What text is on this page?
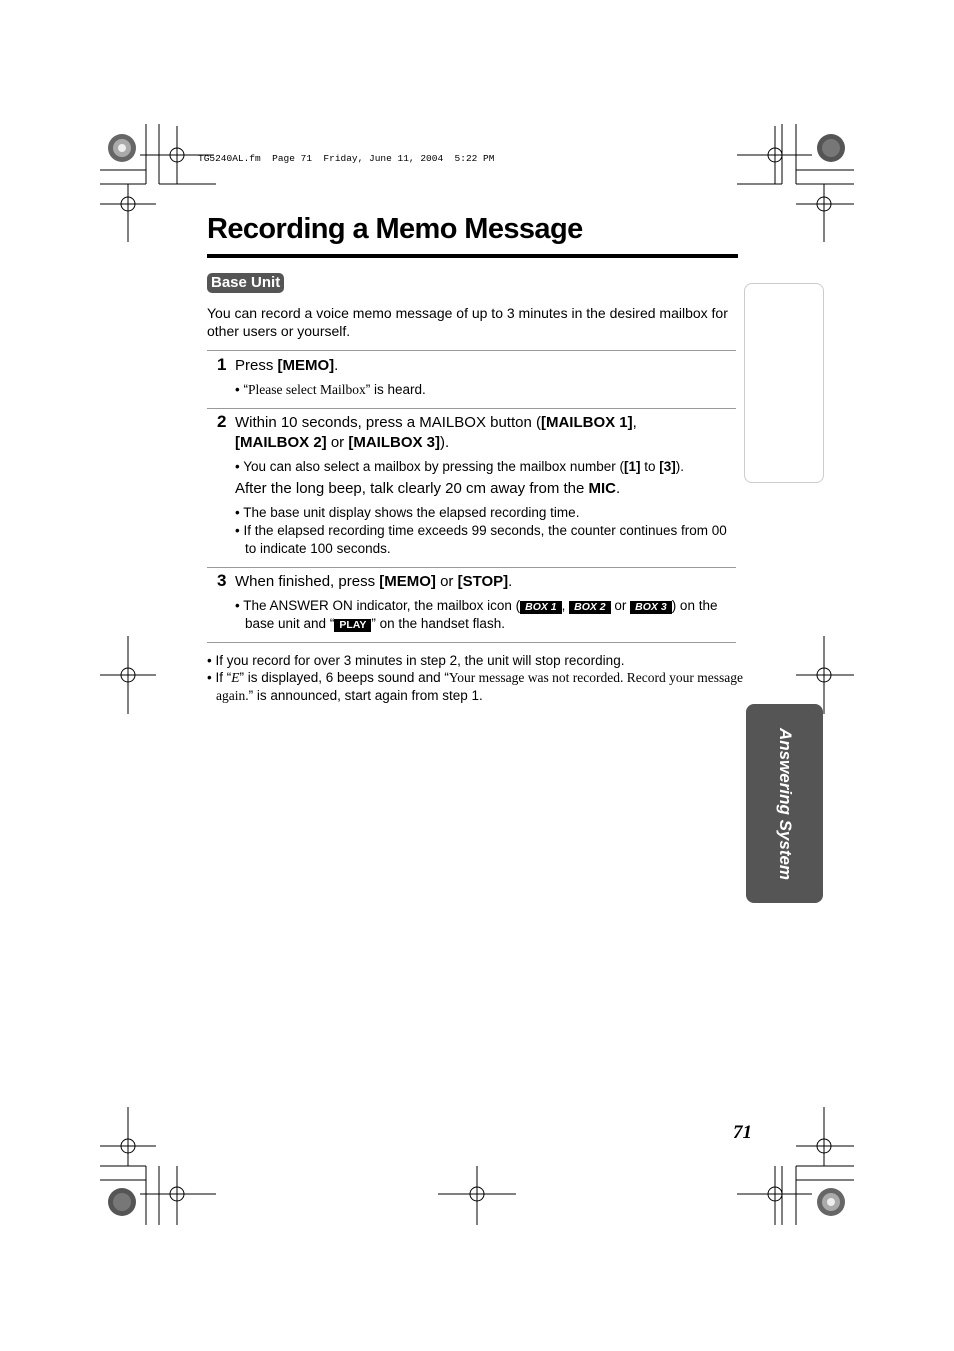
TG5240AL.fm  Page 71  Friday, June 11, 2004  5:22 PM
Recording a Memo Message
Base Unit
You can record a voice memo message of up to 3 minutes in the desired mailbox for other users or yourself.
1 Press [MEMO].
• “Please select Mailbox” is heard.
2 Within 10 seconds, press a MAILBOX button ([MAILBOX 1],
[MAILBOX 2] or [MAILBOX 3]).
• You can also select a mailbox by pressing the mailbox number ([1] to [3]).
After the long beep, talk clearly 20 cm away from the MIC.
• The base unit display shows the elapsed recording time.
• If the elapsed recording time exceeds 99 seconds, the counter continues from 00 to indicate 100 seconds.
3 When finished, press [MEMO] or [STOP].
• The ANSWER ON indicator, the mailbox icon ( BOX 1 , BOX 2 or BOX 3 ) on the base unit and “ PLAY ” on the handset flash.
• If you record for over 3 minutes in step 2, the unit will stop recording.
• If “E” is displayed, 6 beeps sound and “Your message was not recorded. Record your message again.” is announced, start again from step 1.
Answering System
71
